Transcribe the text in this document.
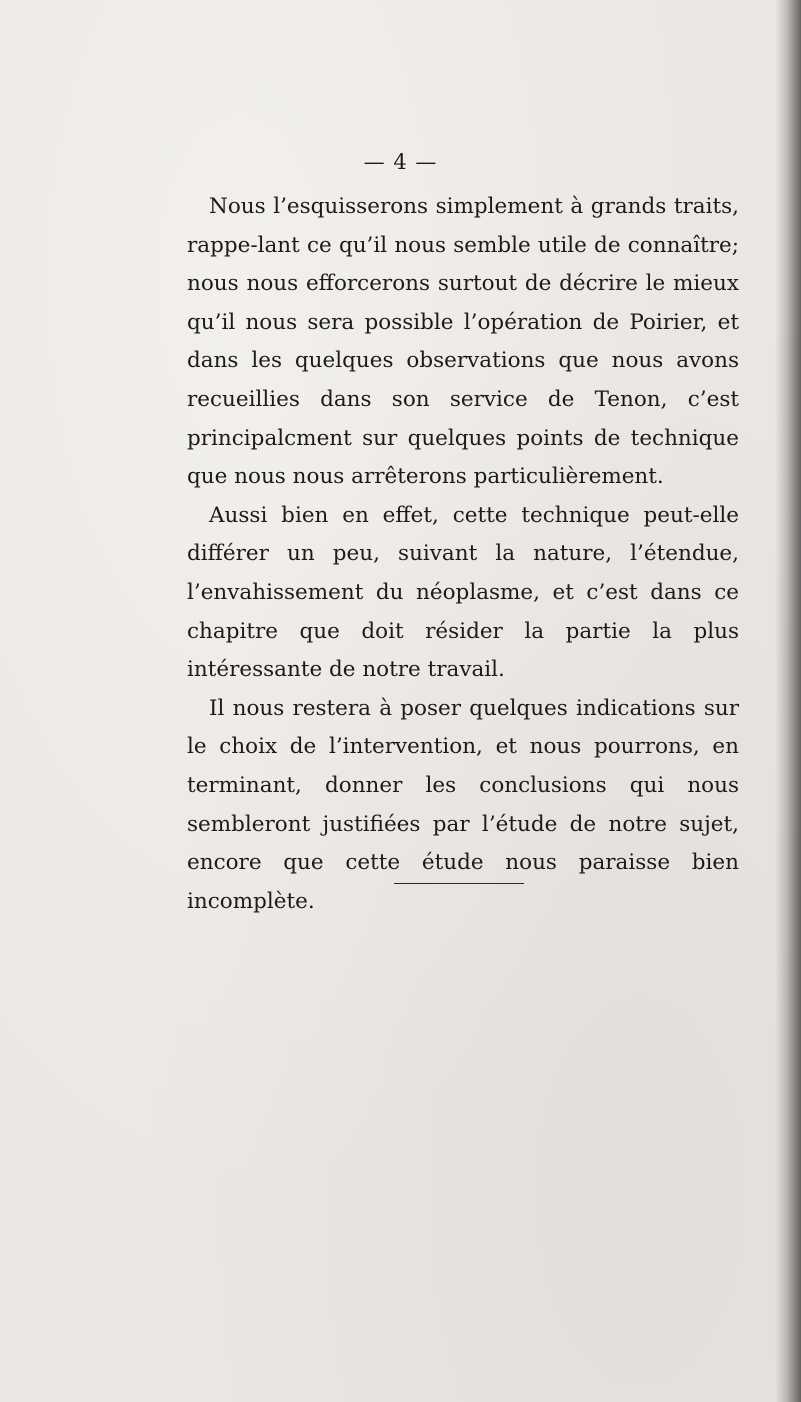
— 4 —

Nous l’esquisserons simplement à grands traits, rappe-lant ce qu’il nous semble utile de connaître; nous nous efforcerons surtout de décrire le mieux qu’il nous sera possible l’opération de Poirier, et dans les quelques observations que nous avons recueillies dans son service de Tenon, c’est principalcment sur quelques points de technique que nous nous arrêterons particulièrement.

Aussi bien en effet, cette technique peut-elle différer un peu, suivant la nature, l’étendue, l’envahissement du néoplasme, et c’est dans ce chapitre que doit résider la partie la plus intéressante de notre travail.

Il nous restera à poser quelques indications sur le choix de l’intervention, et nous pourrons, en terminant, donner les conclusions qui nous sembleront justifiées par l’étude de notre sujet, encore que cette étude nous paraisse bien incomplète.
